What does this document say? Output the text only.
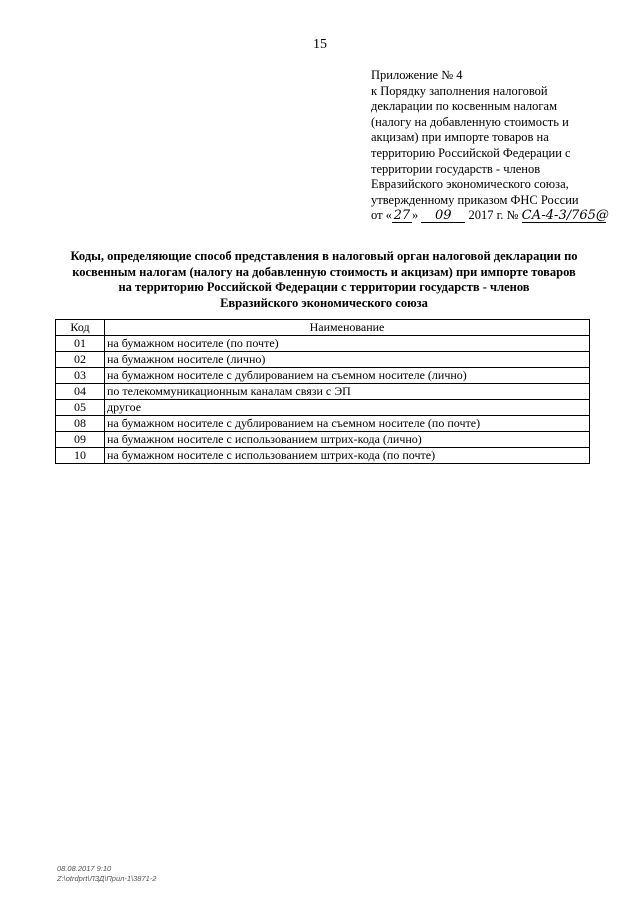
15
Приложение № 4
к Порядку заполнения налоговой
декларации по косвенным налогам
(налогу на добавленную стоимость и
акцизам) при импорте товаров на
территорию Российской Федерации с
территории государств - членов
Евразийского экономического союза,
утвержденному приказом ФНС России
от « 27 » 09 2017 г. № СА-4-3/765@
Коды, определяющие способ представления в налоговый орган налоговой декларации по
косвенным налогам (налогу на добавленную стоимость и акцизам) при импорте товаров
на территорию Российской Федерации с территории государств - членов
Евразийского экономического союза
Код	Наименование
01	на бумажном носителе (по почте)
02	на бумажном носителе (лично)
03	на бумажном носителе с дублированием на съемном носителе (лично)
04	по телекоммуникационным каналам связи с ЭП
05	другое
08	на бумажном носителе с дублированием на съемном носителе (по почте)
09	на бумажном носителе с использованием штрих-кода (лично)
10	на бумажном носителе с использованием штрих-кода (по почте)
08.08.2017 9:10
Z:\otrdprt\ЛЗД\Прил-1\3871-2
